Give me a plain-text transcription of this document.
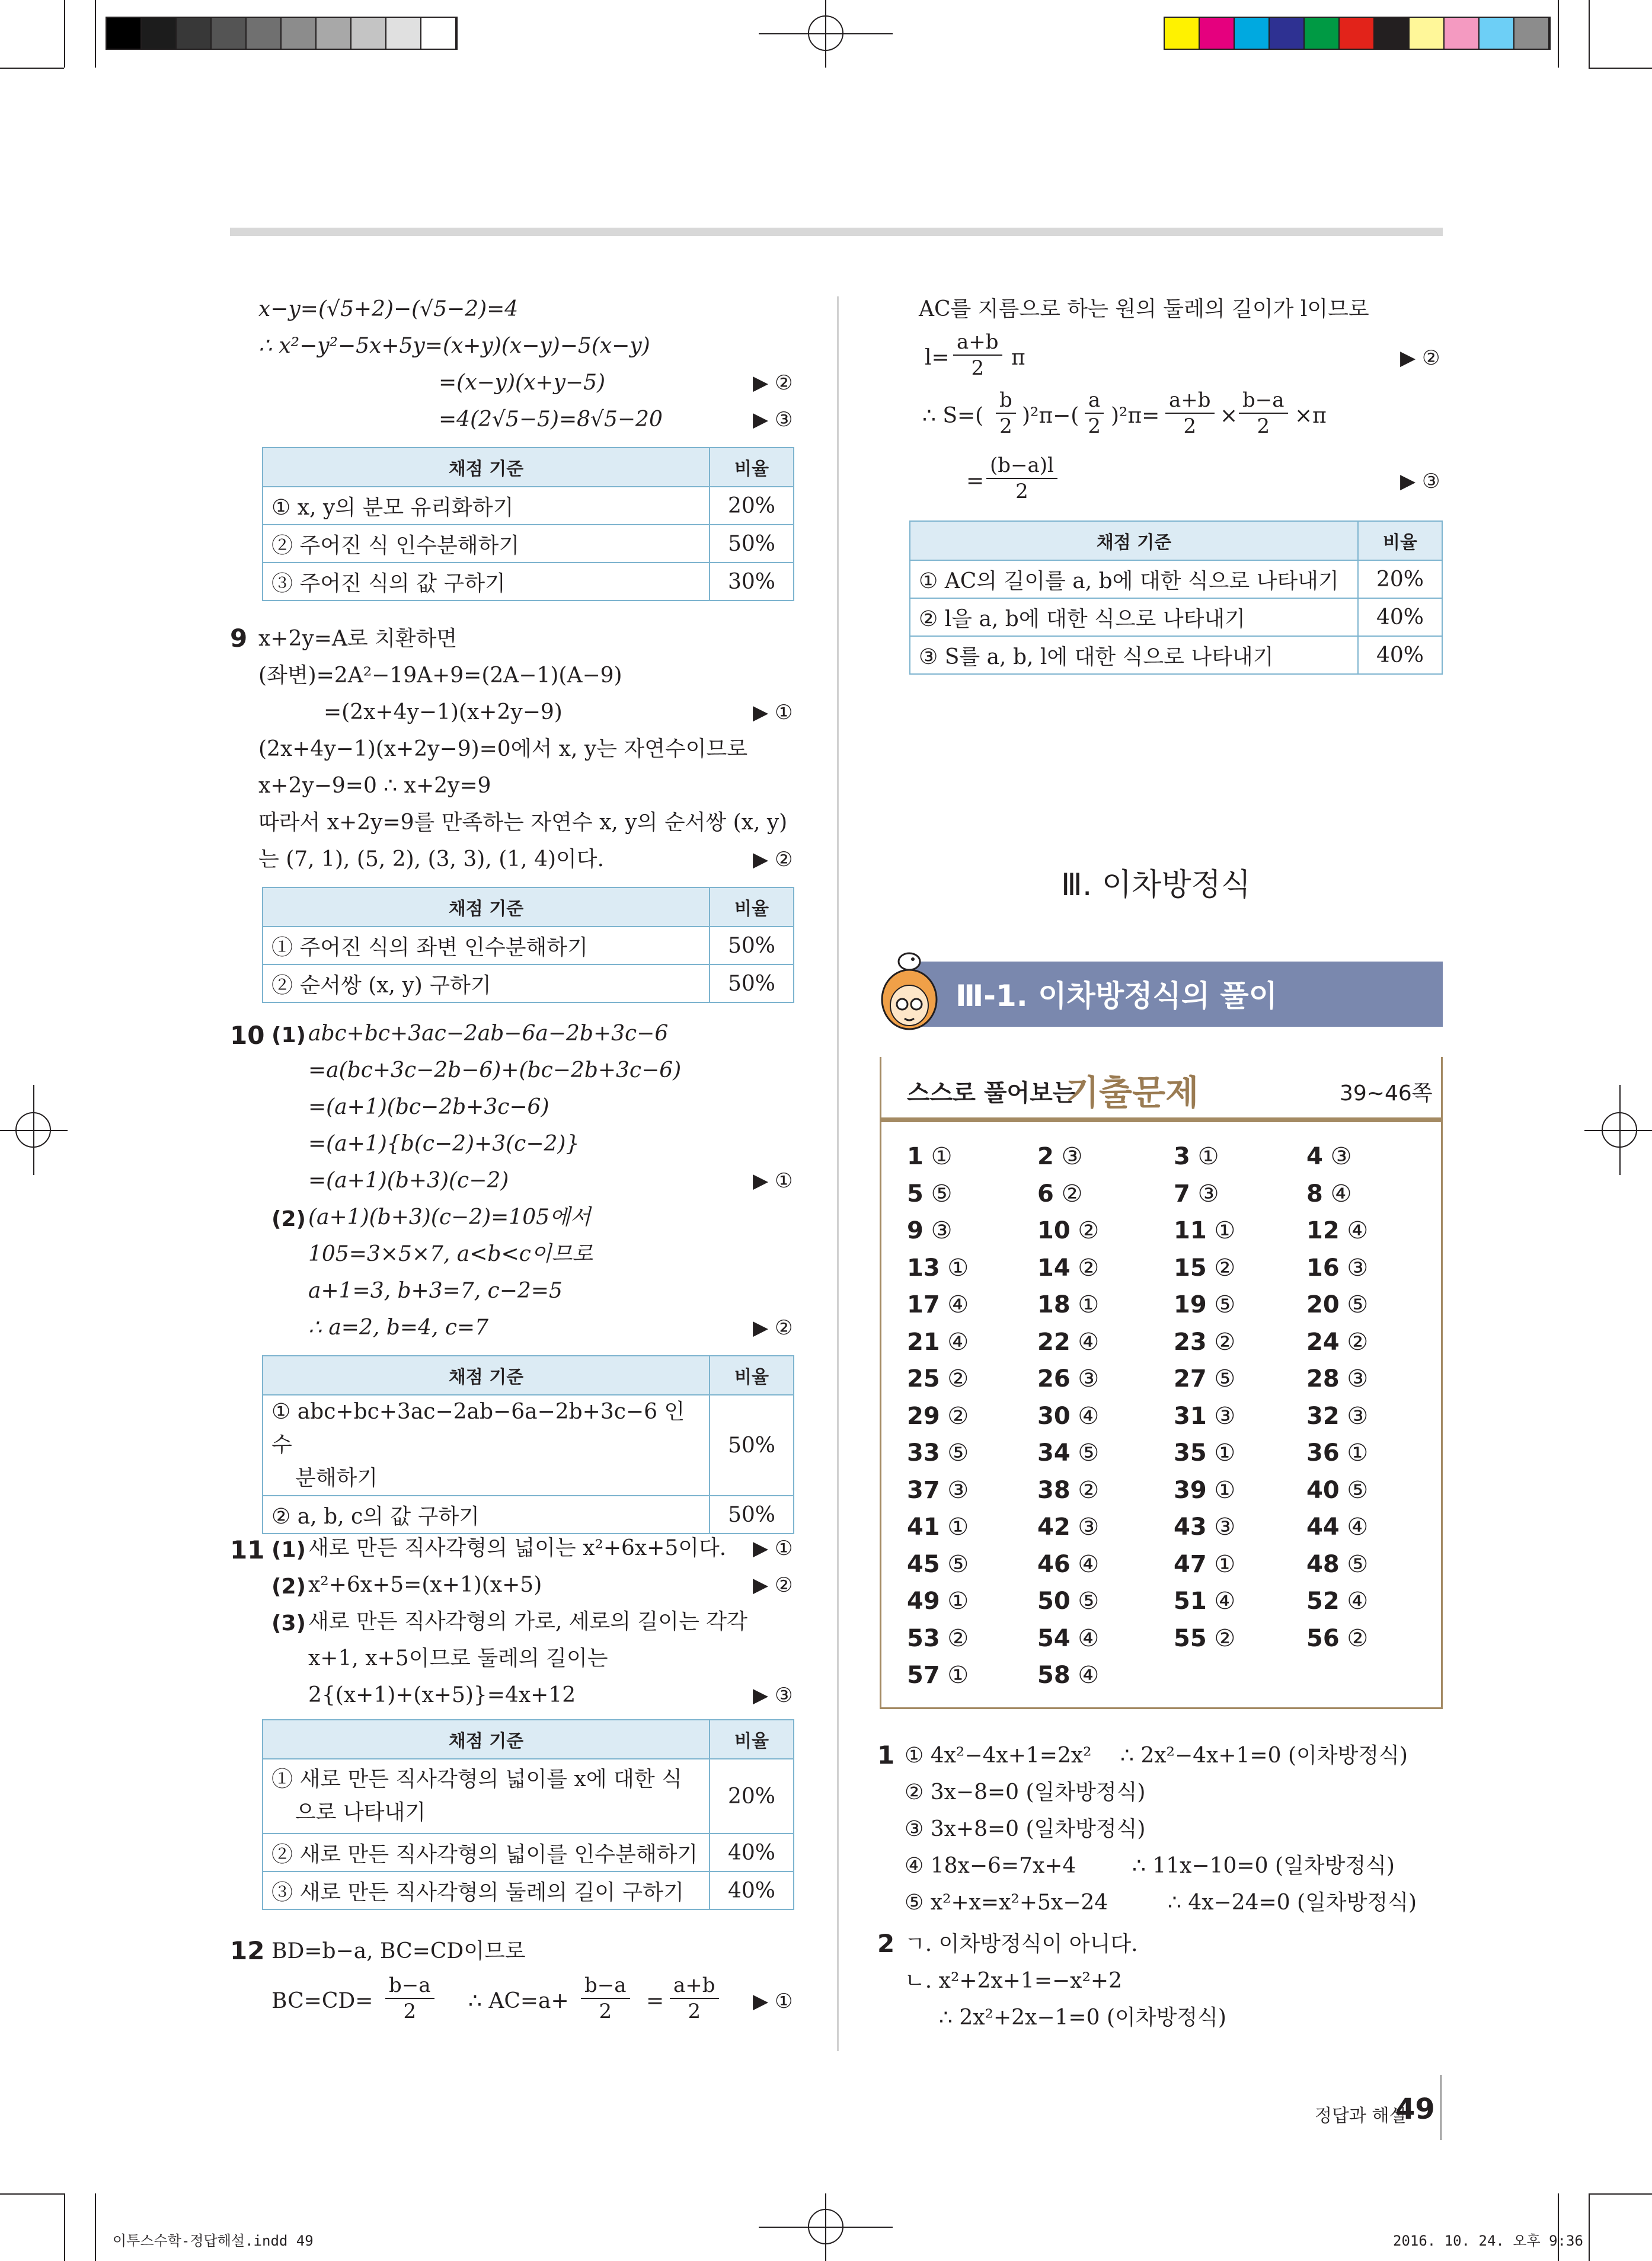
x−y=(√5+2)−(√5−2)=4
∴ x²−y²−5x+5y=(x+y)(x−y)−5(x−y)
=(x−y)(x+y−5)	▶ ②
=4(2√5−5)=8√5−20	▶ ③
채점 기준	비율
① x, y의 분모 유리화하기	20%
② 주어진 식 인수분해하기	50%
③ 주어진 식의 값 구하기	30%
9 x+2y=A로 치환하면
(좌변)=2A²−19A+9=(2A−1)(A−9)
=(2x+4y−1)(x+2y−9)	▶ ①
(2x+4y−1)(x+2y−9)=0에서 x, y는 자연수이므로
x+2y−9=0 ∴ x+2y=9
따라서 x+2y=9를 만족하는 자연수 x, y의 순서쌍 (x, y)
는 (7, 1), (5, 2), (3, 3), (1, 4)이다.	▶ ②
채점 기준	비율
① 주어진 식의 좌변 인수분해하기	50%
② 순서쌍 (x, y) 구하기	50%
10 (1) abc+bc+3ac−2ab−6a−2b+3c−6
=a(bc+3c−2b−6)+(bc−2b+3c−6)
=(a+1)(bc−2b+3c−6)
=(a+1){b(c−2)+3(c−2)}
=(a+1)(b+3)(c−2)	▶ ①
(2) (a+1)(b+3)(c−2)=105에서
105=3×5×7, a<b<c이므로
a+1=3, b+3=7, c−2=5
∴ a=2, b=4, c=7	▶ ②
채점 기준	비율

① abc+bc+3ac−2ab−6a−2b+3c−6 인수
분해하기	50%
② a, b, c의 값 구하기	50%
11 (1) 새로 만든 직사각형의 넓이는 x²+6x+5이다. ▶ ①
(2) x²+6x+5=(x+1)(x+5)	▶ ②
(3) 새로 만든 직사각형의 가로, 세로의 길이는 각각
x+1, x+5이므로 둘레의 길이는
2{(x+1)+(x+5)}=4x+12	▶ ③
채점 기준	비율

① 새로 만든 직사각형의 넓이를 x에 대한 식
으로 나타내기	20%
② 새로 만든 직사각형의 넓이를 인수분해하기	40%
③ 새로 만든 직사각형의 둘레의 길이 구하기	40%
12 BD=b−a, BC=CD이므로
$BC=CD= \frac{b-a}{2}$ ∴ $AC=a+ \frac{b-a}{2} = \frac{a+b}{2}$ ▶ ①
AC를 지름으로 하는 원의 둘레의 길이가 l이므로
$l= \frac{a+b}{2}$ π	▶ ②
∴ $S=( \frac{b}{2} )^2\pi-( \frac{a}{2} )^2\pi= \frac{a+b}{2} \times \frac{b-a}{2} \times\pi$
= $\frac{(b-a)l}{2}$	▶ ③
채점 기준	비율
① AC의 길이를 a, b에 대한 식으로 나타내기	20%
② l을 a, b에 대한 식으로 나타내기	40%
③ S를 a, b, l에 대한 식으로 나타내기	40%
Ⅲ. 이차방정식
Ⅲ-1. 이차방정식의 풀이
스스로 풀어보는
기출문제	39∼46쪽
1 ①	2 ③	3 ①	4 ③
5 ⑤	6 ②	7 ③	8 ④
9 ③	10 ②	11 ①	12 ④
13 ①	14 ②	15 ②	16 ③
17 ④	18 ①	19 ⑤	20 ⑤
21 ④	22 ④	23 ②	24 ②
25 ②	26 ③	27 ⑤	28 ③
29 ②	30 ④	31 ③	32 ③
33 ⑤	34 ⑤	35 ①	36 ①
37 ③	38 ②	39 ①	40 ⑤
41 ①	42 ③	43 ③	44 ④
45 ⑤	46 ④	47 ①	48 ⑤
49 ①	50 ⑤	51 ④	52 ④
53 ②	54 ④	55 ②	56 ②
57 ①	58 ④
1 ① 4x²−4x+1=2x² ∴ 2x²−4x+1=0 (이차방정식)
② 3x−8=0 (일차방정식)
③ 3x+8=0 (일차방정식)
④ 18x−6=7x+4	∴ 11x−10=0 (일차방정식)
⑤ x²+x=x²+5x−24	∴ 4x−24=0 (일차방정식)
2 ㄱ. 이차방정식이 아니다.
ㄴ. x²+2x+1=−x²+2
∴ 2x²+2x−1=0 (이차방정식)
정답과 해설
49
이투스수학-정답해설.indd 49	2016. 10. 24. 오후 9:36
